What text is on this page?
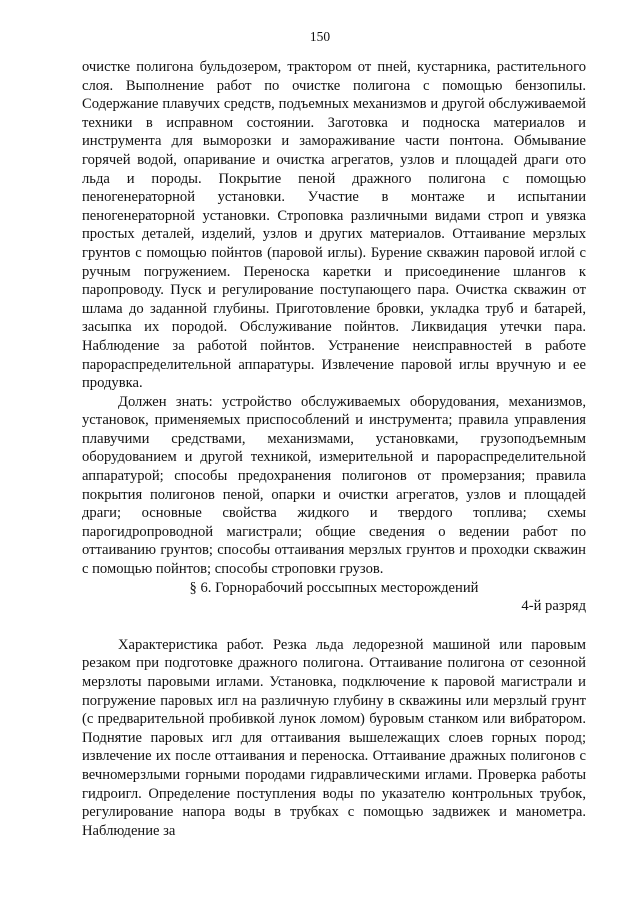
150

очистке полигона бульдозером, трактором от пней, кустарника, растительного слоя. Выполнение работ по очистке полигона с помощью бензопилы. Содержание плавучих средств, подъемных механизмов и другой обслуживаемой техники в исправном состоянии. Заготовка и подноска материалов и инструмента для выморозки и замораживание части понтона. Обмывание горячей водой, опаривание и очистка агрегатов, узлов и площадей драги ото льда и породы. Покрытие пеной дражного полигона с помощью пеногенераторной установки. Участие в монтаже и испытании пеногенераторной установки. Строповка различными видами строп и увязка простых деталей, изделий, узлов и других материалов. Оттаивание мерзлых грунтов с помощью пойнтов (паровой иглы). Бурение скважин паровой иглой с ручным погружением. Переноска каретки и присоединение шлангов к паропроводу. Пуск и регулирование поступающего пара. Очистка скважин от шлама до заданной глубины. Приготовление бровки, укладка труб и батарей, засыпка их породой. Обслуживание пойнтов. Ликвидация утечки пара. Наблюдение за работой пойнтов. Устранение неисправностей в работе парораспределительной аппаратуры. Извлечение паровой иглы вручную и ее продувка.

Должен знать: устройство обслуживаемых оборудования, механизмов, установок, применяемых приспособлений и инструмента; правила управления плавучими средствами, механизмами, установками, грузоподъемным оборудованием и другой техникой, измерительной и парораспределительной аппаратурой; способы предохранения полигонов от промерзания; правила покрытия полигонов пеной, опарки и очистки агрегатов, узлов и площадей драги; основные свойства жидкого и твердого топлива; схемы парогидропроводной магистрали; общие сведения о ведении работ по оттаиванию грунтов; способы оттаивания мерзлых грунтов и проходки скважин с помощью пойнтов; способы строповки грузов.

§ 6. Горнорабочий россыпных месторождений

4-й разряд

Характеристика работ. Резка льда ледорезной машиной или паровым резаком при подготовке дражного полигона. Оттаивание полигона от сезонной мерзлоты паровыми иглами. Установка, подключение к паровой магистрали и погружение паровых игл на различную глубину в скважины или мерзлый грунт (с предварительной пробивкой лунок ломом) буровым станком или вибратором. Поднятие паровых игл для оттаивания вышележащих слоев горных пород; извлечение их после оттаивания и переноска. Оттаивание дражных полигонов с вечномерзлыми горными породами гидравлическими иглами. Проверка работы гидроигл. Определение поступления воды по указателю контрольных трубок, регулирование напора воды в трубках с помощью задвижек и манометра. Наблюдение за
